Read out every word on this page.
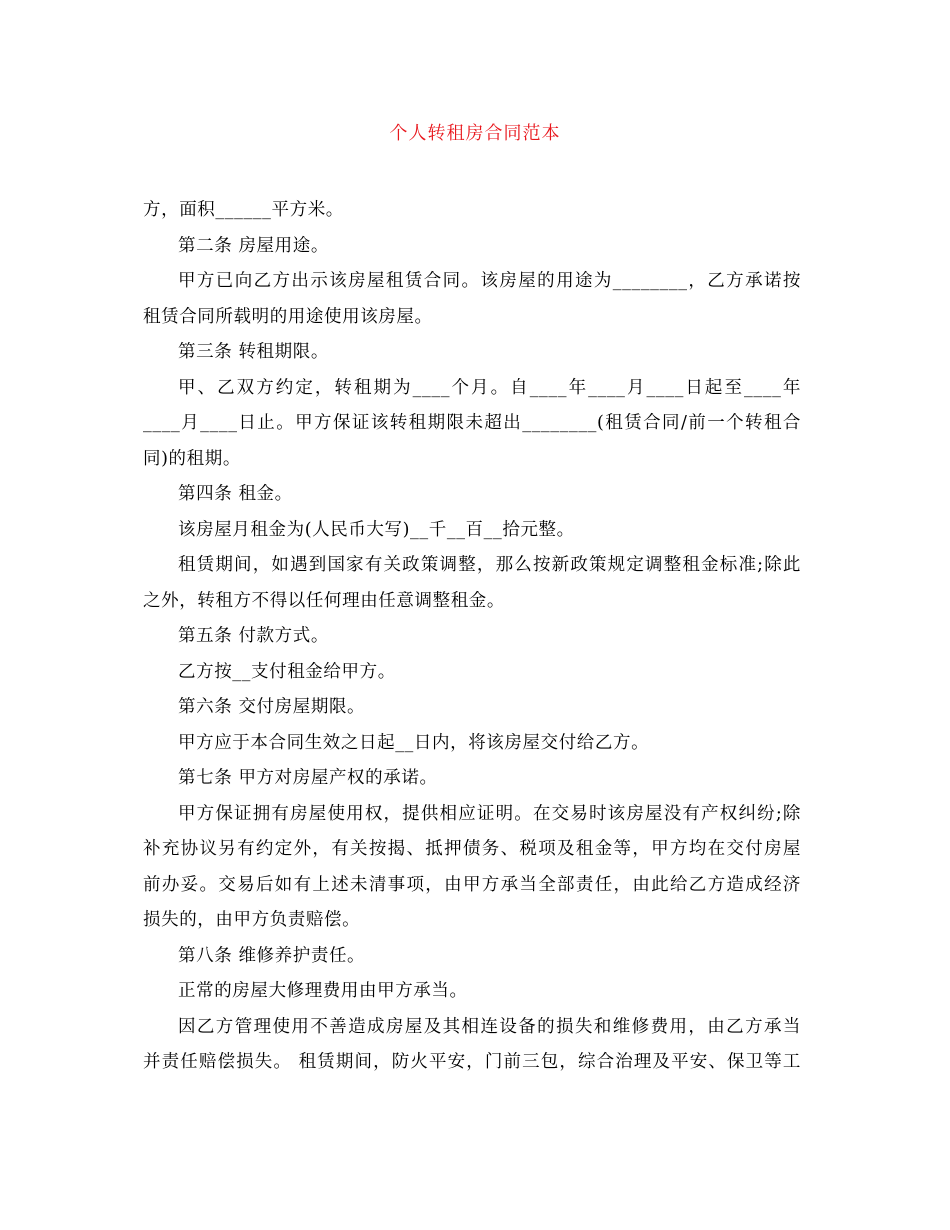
个人转租房合同范本
方，面积______平方米。
第二条 房屋用途。
甲方已向乙方出示该房屋租赁合同。该房屋的用途为________，乙方承诺按
租赁合同所载明的用途使用该房屋。
第三条 转租期限。
甲、乙双方约定，转租期为____个月。自____年____月____日起至____年
____月____日止。甲方保证该转租期限未超出________(租赁合同/前一个转租合
同)的租期。
第四条 租金。
该房屋月租金为(人民币大写)__千__百__拾元整。
租赁期间，如遇到国家有关政策调整，那么按新政策规定调整租金标准;除此
之外，转租方不得以任何理由任意调整租金。
第五条 付款方式。
乙方按__支付租金给甲方。
第六条 交付房屋期限。
甲方应于本合同生效之日起__日内，将该房屋交付给乙方。
第七条 甲方对房屋产权的承诺。
甲方保证拥有房屋使用权，提供相应证明。在交易时该房屋没有产权纠纷;除
补充协议另有约定外，有关按揭、抵押债务、税项及租金等，甲方均在交付房屋
前办妥。交易后如有上述未清事项，由甲方承当全部责任，由此给乙方造成经济
损失的，由甲方负责赔偿。
第八条 维修养护责任。
正常的房屋大修理费用由甲方承当。
因乙方管理使用不善造成房屋及其相连设备的损失和维修费用，由乙方承当
并责任赔偿损失。 租赁期间，防火平安，门前三包，综合治理及平安、保卫等工
